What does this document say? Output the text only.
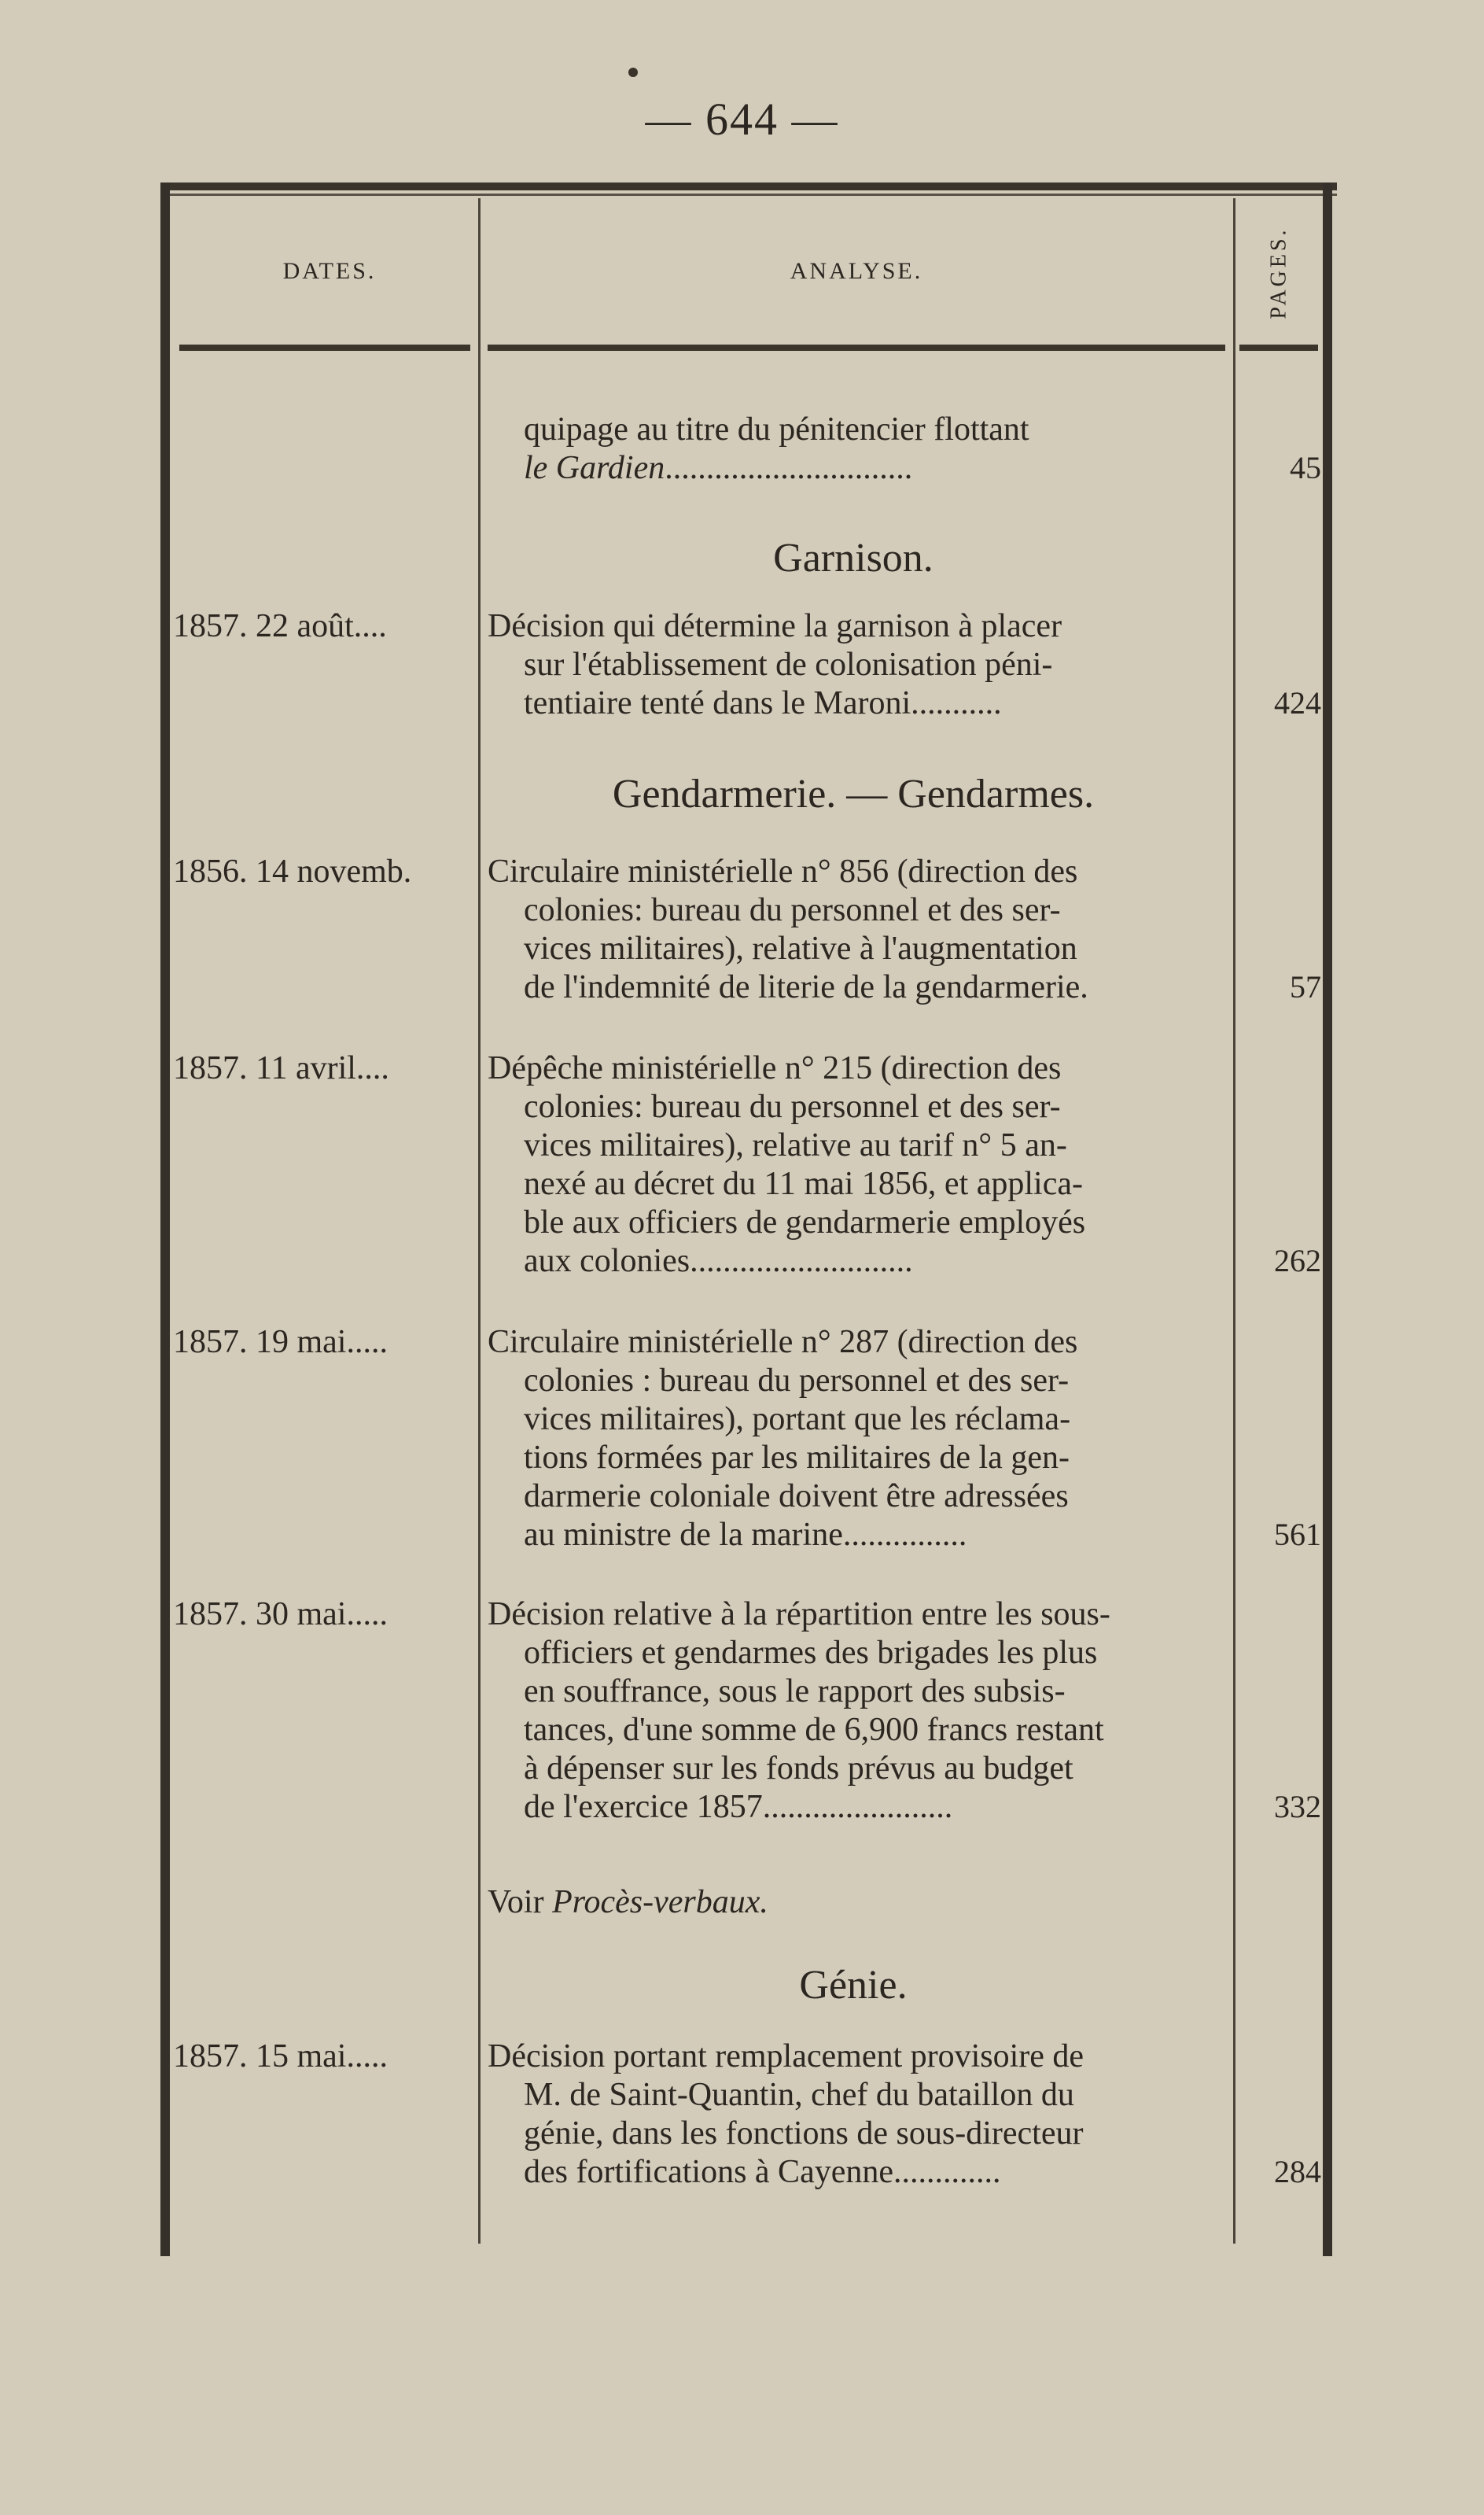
— 644 —
DATES.	ANALYSE.	PAGES.
quipage au titre du pénitencier flottant
le Gardien..............................	45
Garnison.
1857. 22 août....	Décision qui détermine la garnison à placer
sur l'établissement de colonisation péni-
tentiaire tenté dans le Maroni...........	424
Gendarmerie. — Gendarmes.
1856. 14 novemb.	Circulaire ministérielle n° 856 (direction des
colonies: bureau du personnel et des ser-
vices militaires), relative à l'augmentation
de l'indemnité de literie de la gendarmerie.	57
1857. 11 avril....	Dépêche ministérielle n° 215 (direction des
colonies: bureau du personnel et des ser-
vices militaires), relative au tarif n° 5 an-
nexé au décret du 11 mai 1856, et applica-
ble aux officiers de gendarmerie employés
aux colonies...........................	262
1857. 19 mai.....	Circulaire ministérielle n° 287 (direction des
colonies : bureau du personnel et des ser-
vices militaires), portant que les réclama-
tions formées par les militaires de la gen-
darmerie coloniale doivent être adressées
au ministre de la marine...............	561
1857. 30 mai.....	Décision relative à la répartition entre les sous-
officiers et gendarmes des brigades les plus
en souffrance, sous le rapport des subsis-
tances, d'une somme de 6,900 francs restant
à dépenser sur les fonds prévus au budget
de l'exercice 1857.......................	332
Voir Procès-verbaux.
Génie.
1857. 15 mai.....	Décision portant remplacement provisoire de
M. de Saint-Quantin, chef du bataillon du
génie, dans les fonctions de sous-directeur
des fortifications à Cayenne.............	284
